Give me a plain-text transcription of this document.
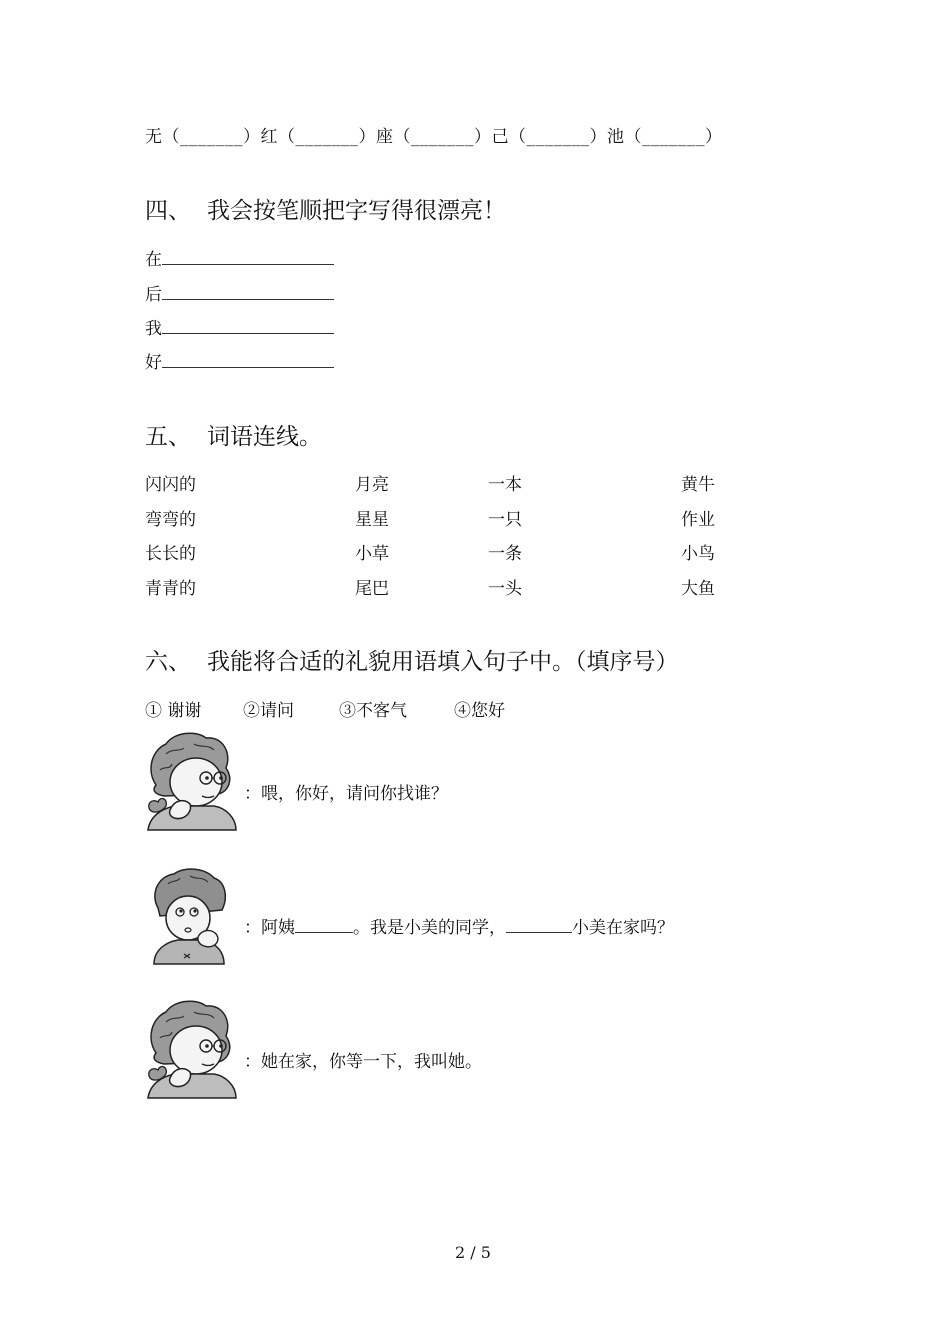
无（_______）红（_______）座（_______）己（_______）池（_______）
四、 我会按笔顺把字写得很漂亮！
在
后
我
好
五、 词语连线。
闪闪的	月亮	一本	黄牛
弯弯的	星星	一只	作业
长长的	小草	一条	小鸟
青青的	尾巴	一头	大鱼
六、 我能将合适的礼貌用语填入句子中。（填序号）
① 谢谢 ②请问	③不客气	④您好
：喂，你好，请问你找谁？
：阿姨	。我是小美的同学，	小美在家吗？
：她在家，你等一下，我叫她。
2 / 5
